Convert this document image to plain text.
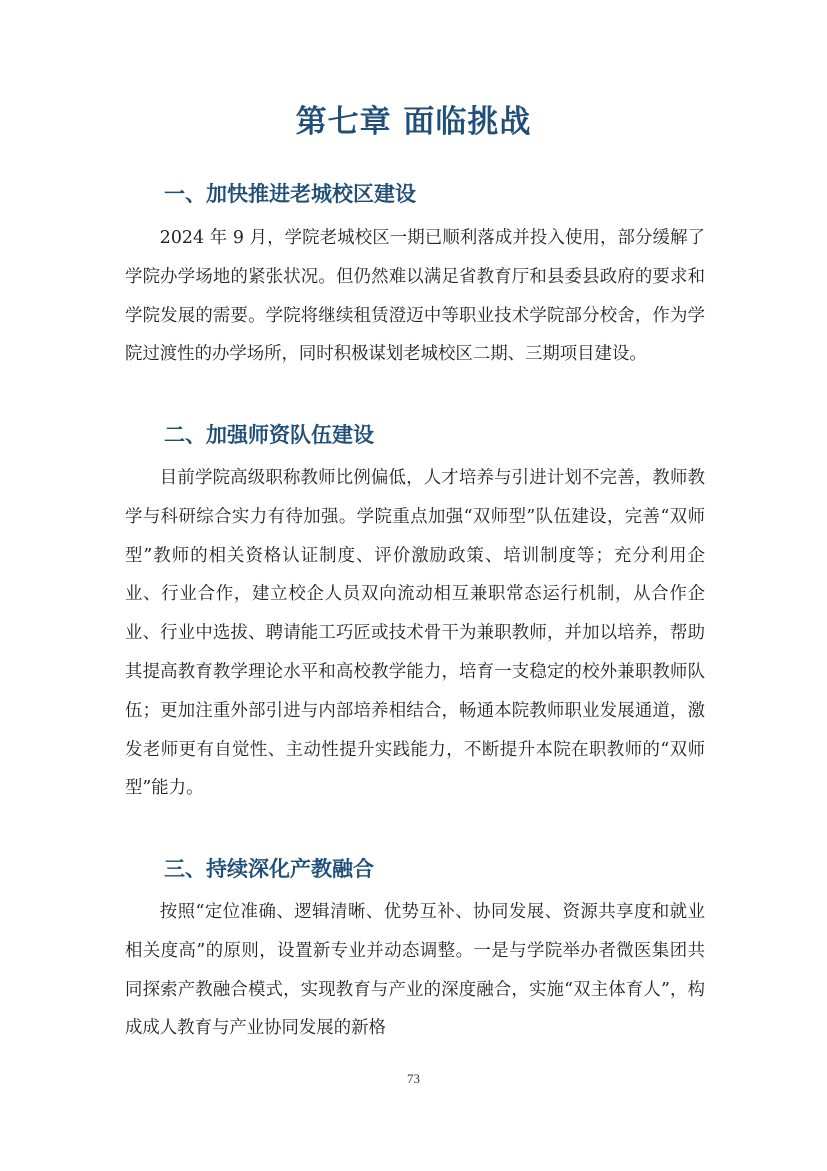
第七章 面临挑战
一、加快推进老城校区建设

2024 年 9 月，学院老城校区一期已顺利落成并投入使用，部分缓解了学院办学场地的紧张状况。但仍然难以满足省教育厅和县委县政府的要求和学院发展的需要。学院将继续租赁澄迈中等职业技术学院部分校舍，作为学院过渡性的办学场所，同时积极谋划老城校区二期、三期项目建设。

二、加强师资队伍建设

目前学院高级职称教师比例偏低，人才培养与引进计划不完善，教师教学与科研综合实力有待加强。学院重点加强“双师型”队伍建设，完善“双师型”教师的相关资格认证制度、评价激励政策、培训制度等；充分利用企业、行业合作，建立校企人员双向流动相互兼职常态运行机制，从合作企业、行业中选拔、聘请能工巧匠或技术骨干为兼职教师，并加以培养，帮助其提高教育教学理论水平和高校教学能力，培育一支稳定的校外兼职教师队伍；更加注重外部引进与内部培养相结合，畅通本院教师职业发展通道，激发老师更有自觉性、主动性提升实践能力，不断提升本院在职教师的“双师型”能力。

三、持续深化产教融合

按照“定位准确、逻辑清晰、优势互补、协同发展、资源共享度和就业相关度高”的原则，设置新专业并动态调整。一是与学院举办者微医集团共同探索产教融合模式，实现教育与产业的深度融合，实施“双主体育人”，构成成人教育与产业协同发展的新格

73
